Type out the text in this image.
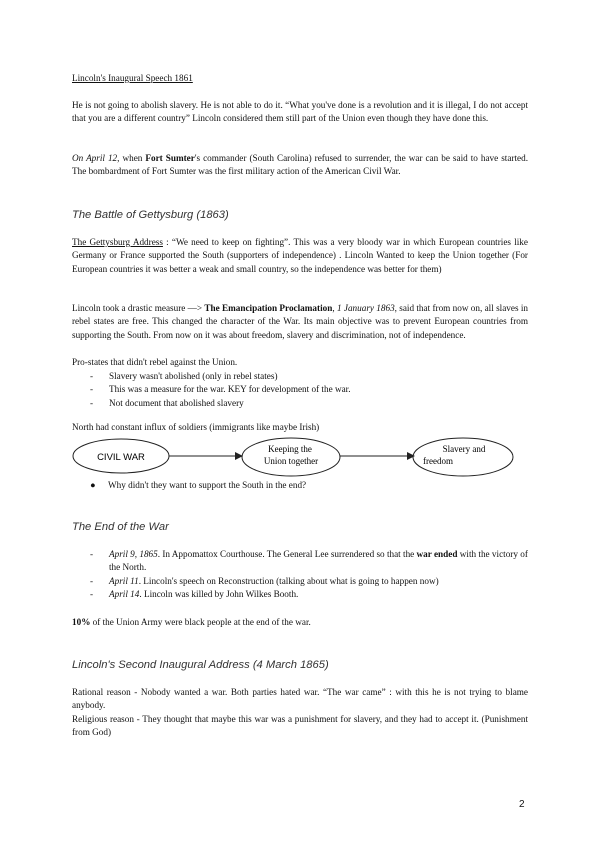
Lincoln's Inaugural Speech 1861

He is not going to abolish slavery. He is not able to do it. “What you've done is a revolution and it is illegal, I do not accept that you are a different country” Lincoln considered them still part of the Union even though they have done this.

On April 12, when Fort Sumter's commander (South Carolina) refused to surrender, the war can be said to have started. The bombardment of Fort Sumter was the first military action of the American Civil War.

The Battle of Gettysburg (1863)

The Gettysburg Address : “We need to keep on fighting”. This was a very bloody war in which European countries like Germany or France supported the South (supporters of independence) . Lincoln Wanted to keep the Union together (For European countries it was better a weak and small country, so the independence was better for them)

Lincoln took a drastic measure —> The Emancipation Proclamation, 1 January 1863, said that from now on, all slaves in rebel states are free. This changed the character of the War. Its main objective was to prevent European countries from supporting the South. From now on it was about freedom, slavery and discrimination, not of independence.

Pro-states that didn't rebel against the Union.

- Slavery wasn't abolished (only in rebel states)
- This was a measure for the war. KEY for development of the war.
- Not document that abolished slavery

North had constant influx of soldiers (immigrants like maybe Irish)

CIVIL WAR
Keeping the
Union together
Slavery and
freedom
● Why didn't they want to support the South in the end?

The End of the War

- April 9, 1865. In Appomattox Courthouse. The General Lee surrendered so that the war ended with the victory of the North.
- April 11. Lincoln's speech on Reconstruction (talking about what is going to happen now)
- April 14. Lincoln was killed by John Wilkes Booth.

10% of the Union Army were black people at the end of the war.

Lincoln's Second Inaugural Address (4 March 1865)

Rational reason - Nobody wanted a war. Both parties hated war. “The war came” : with this he is not trying to blame anybody.

Religious reason - They thought that maybe this war was a punishment for slavery, and they had to accept it. (Punishment from God)

2
